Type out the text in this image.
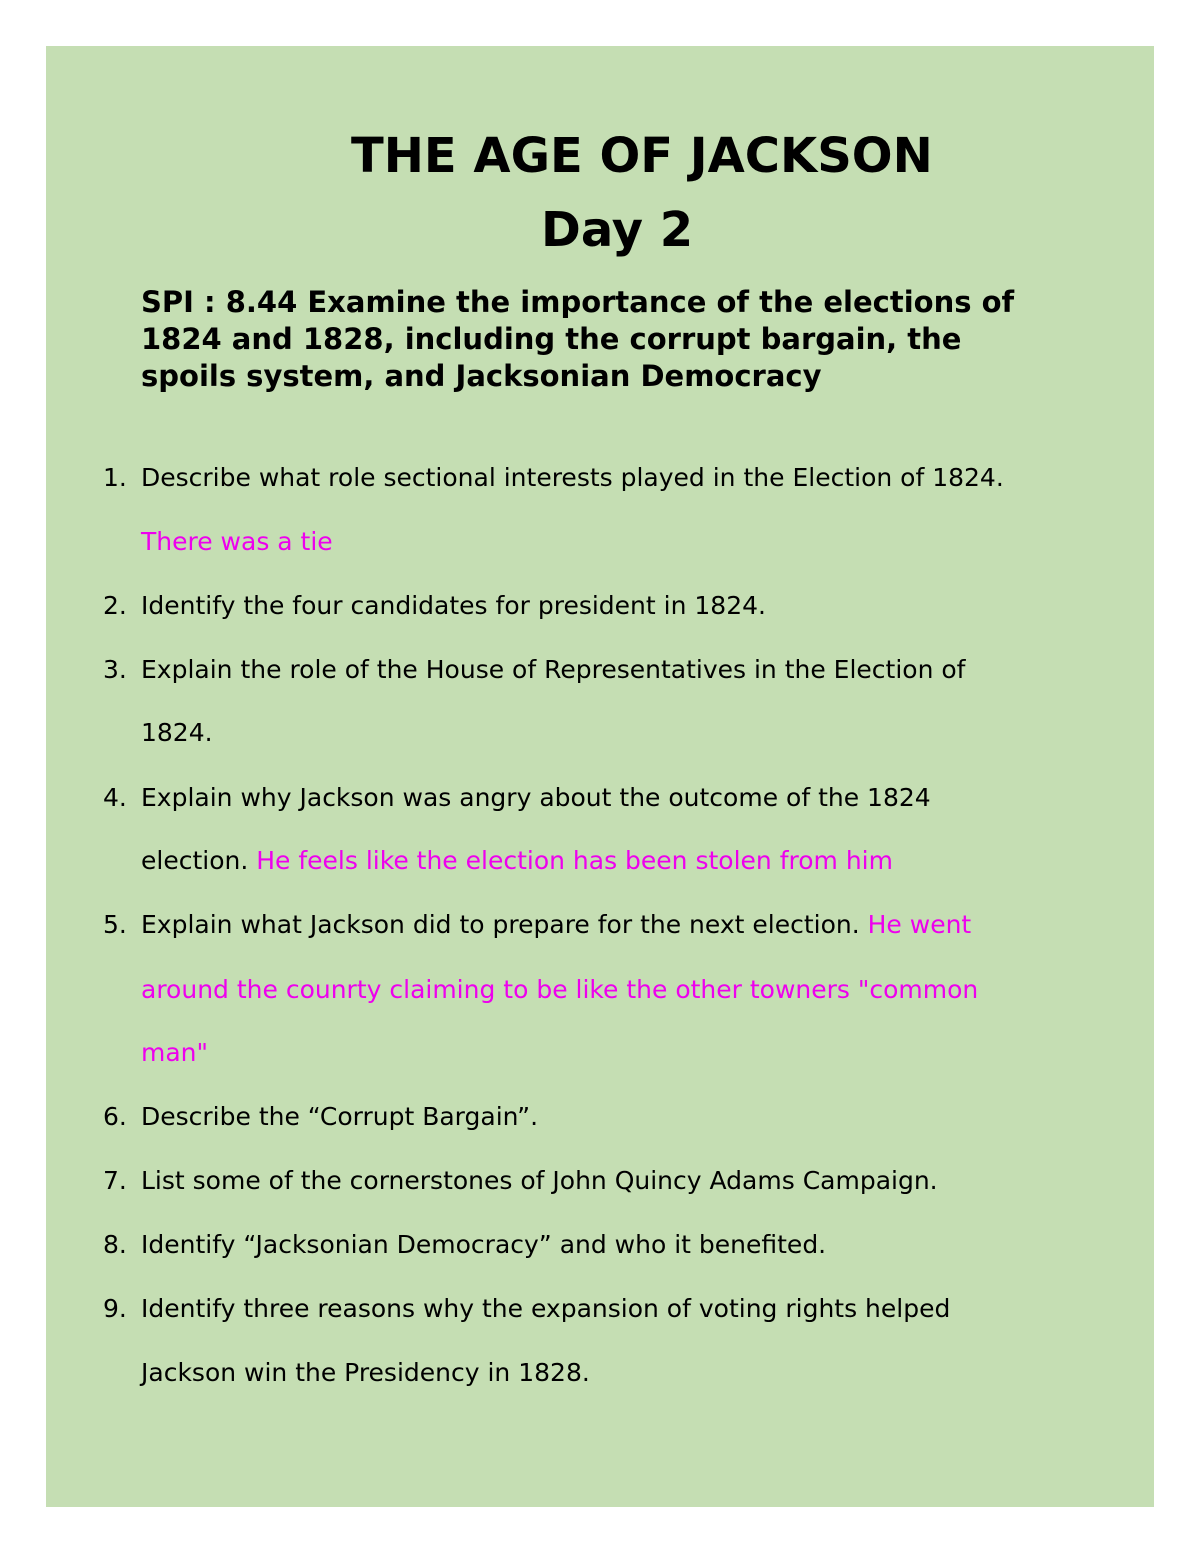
THE AGE OF JACKSON
Day 2
SPI : 8.44 Examine the importance of the elections of
1824 and 1828, including the corrupt bargain, the
spoils system, and Jacksonian Democracy
1. Describe what role sectional interests played in the Election of 1824.
There was a tie
2. Identify the four candidates for president in 1824.
3. Explain the role of the House of Representatives in the Election of
1824.
4. Explain why Jackson was angry about the outcome of the 1824
election. He feels like the election has been stolen from him
5. Explain what Jackson did to prepare for the next election. He went
around the counrty claiming to be like the other towners "common
man"
6. Describe the “Corrupt Bargain”.
7. List some of the cornerstones of John Quincy Adams Campaign.
8. Identify “Jacksonian Democracy” and who it benefited.
9. Identify three reasons why the expansion of voting rights helped
Jackson win the Presidency in 1828.
